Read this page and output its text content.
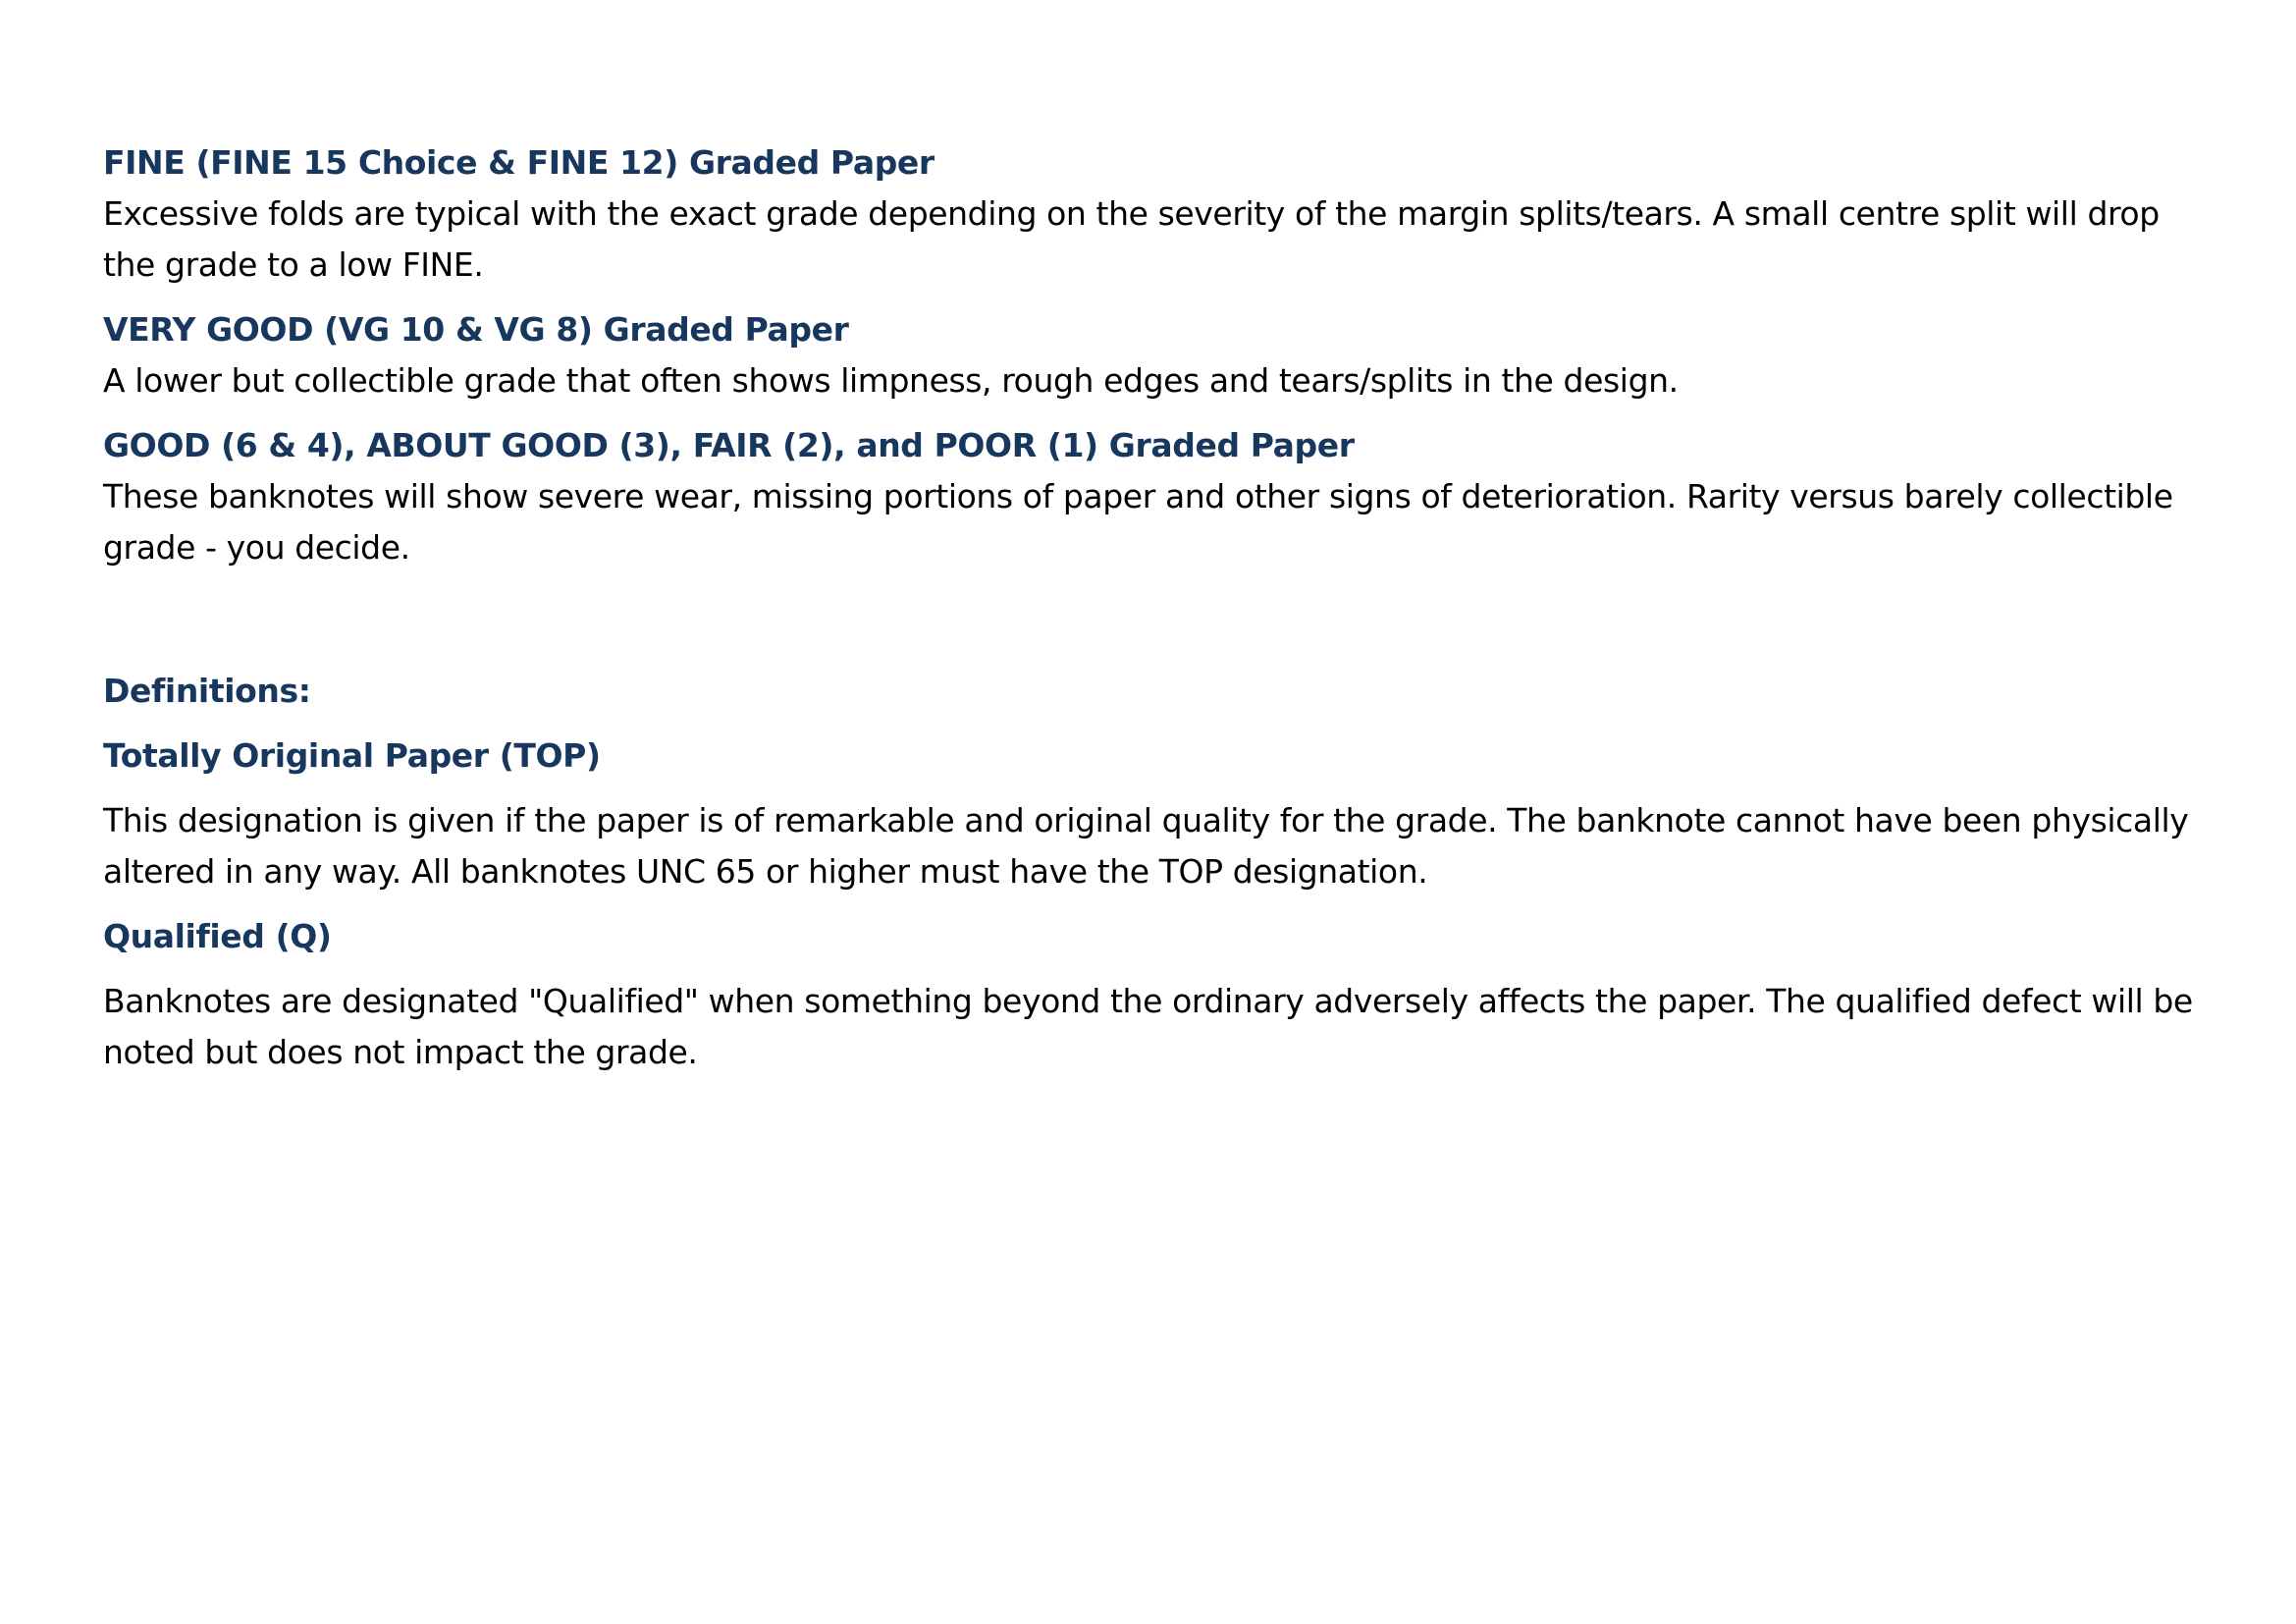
FINE (FINE 15 Choice & FINE 12) Graded Paper

Excessive folds are typical with the exact grade depending on the severity of the margin splits/tears. A small centre split will drop the grade to a low FINE.

VERY GOOD (VG 10 & VG 8) Graded Paper

A lower but collectible grade that often shows limpness, rough edges and tears/splits in the design.

GOOD (6 & 4), ABOUT GOOD (3), FAIR (2), and POOR (1) Graded Paper

These banknotes will show severe wear, missing portions of paper and other signs of deterioration. Rarity versus barely collectible grade - you decide.

Definitions:
Totally Original Paper (TOP)

This designation is given if the paper is of remarkable and original quality for the grade. The banknote cannot have been physically altered in any way. All banknotes UNC 65 or higher must have the TOP designation.

Qualified (Q)

Banknotes are designated "Qualified" when something beyond the ordinary adversely affects the paper. The qualified defect will be noted but does not impact the grade.
